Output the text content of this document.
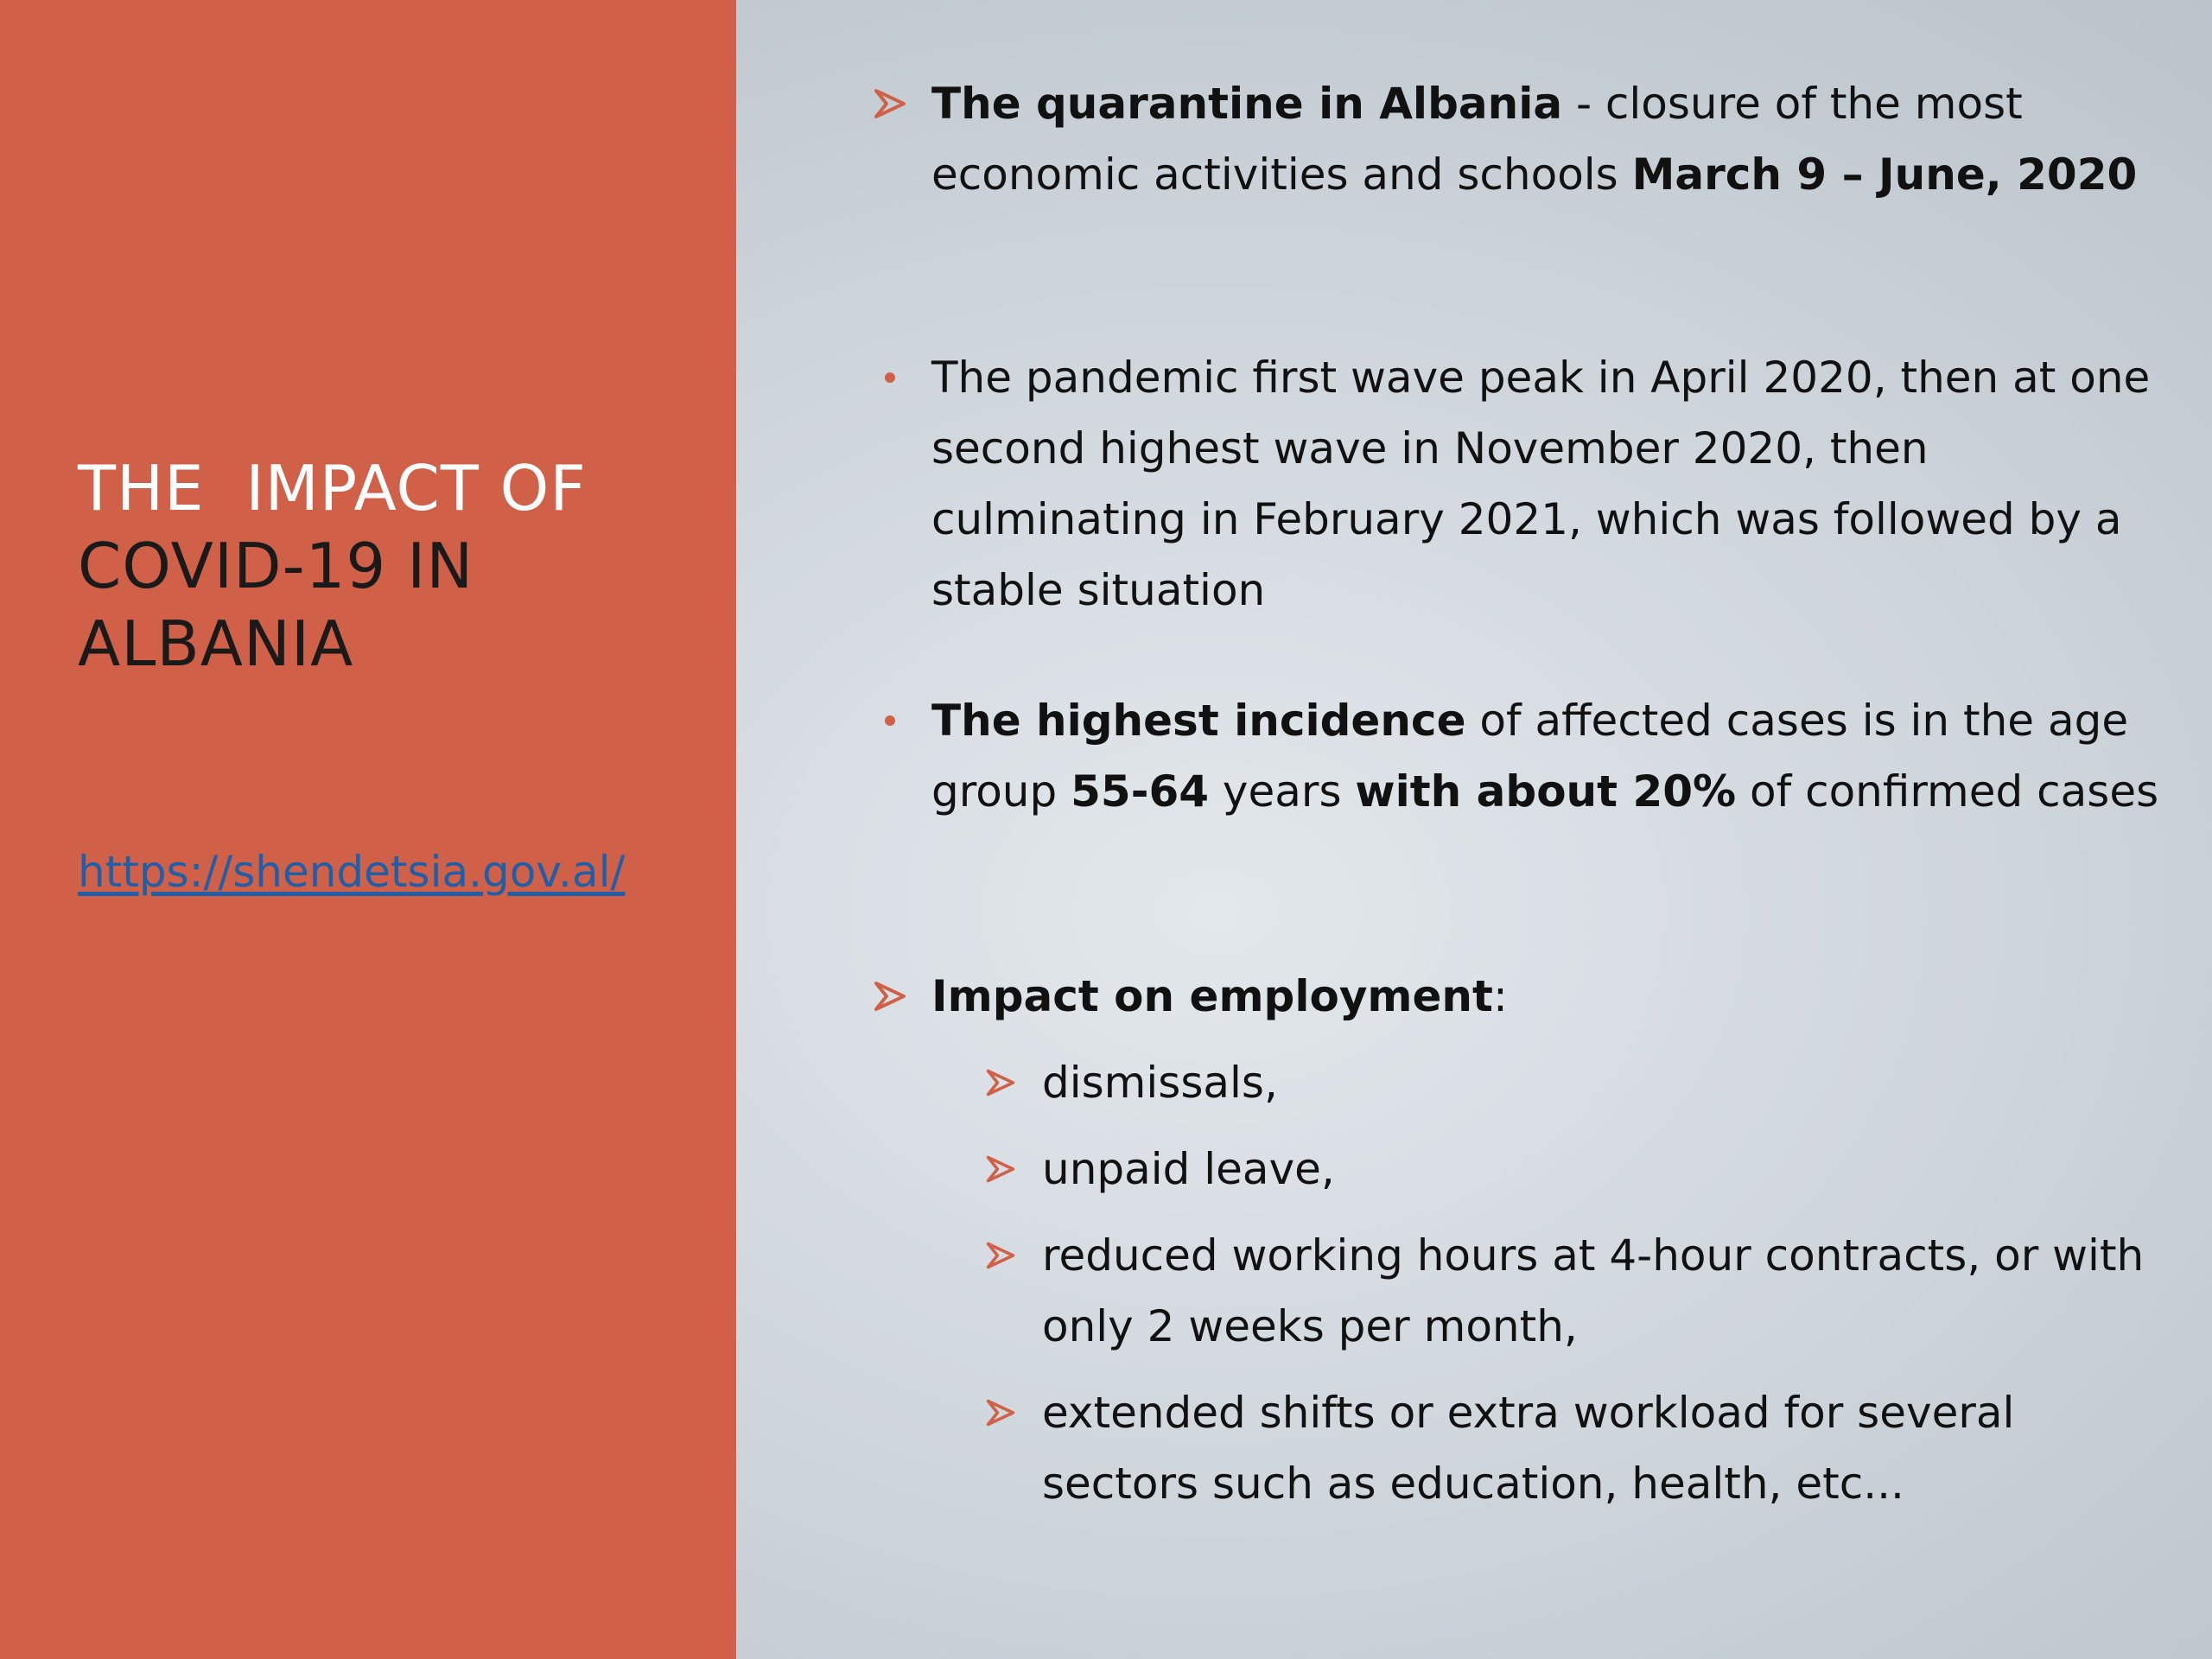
THE  IMPACT OF
COVID-19 IN ALBANIA
https://shendetsia.gov.al/
The quarantine in Albania - closure of the most economic activities and schools March 9 – June, 2020
The pandemic first wave peak in April 2020, then at one second highest wave in November 2020, then culminating in February 2021, which was followed by a stable situation
The highest incidence of affected cases is in the age group 55-64 years with about 20% of confirmed cases
Impact on employment:
dismissals,
unpaid leave,
reduced working hours at 4-hour contracts, or with only 2 weeks per month,
extended shifts or extra workload for several sectors such as education, health, etc...
